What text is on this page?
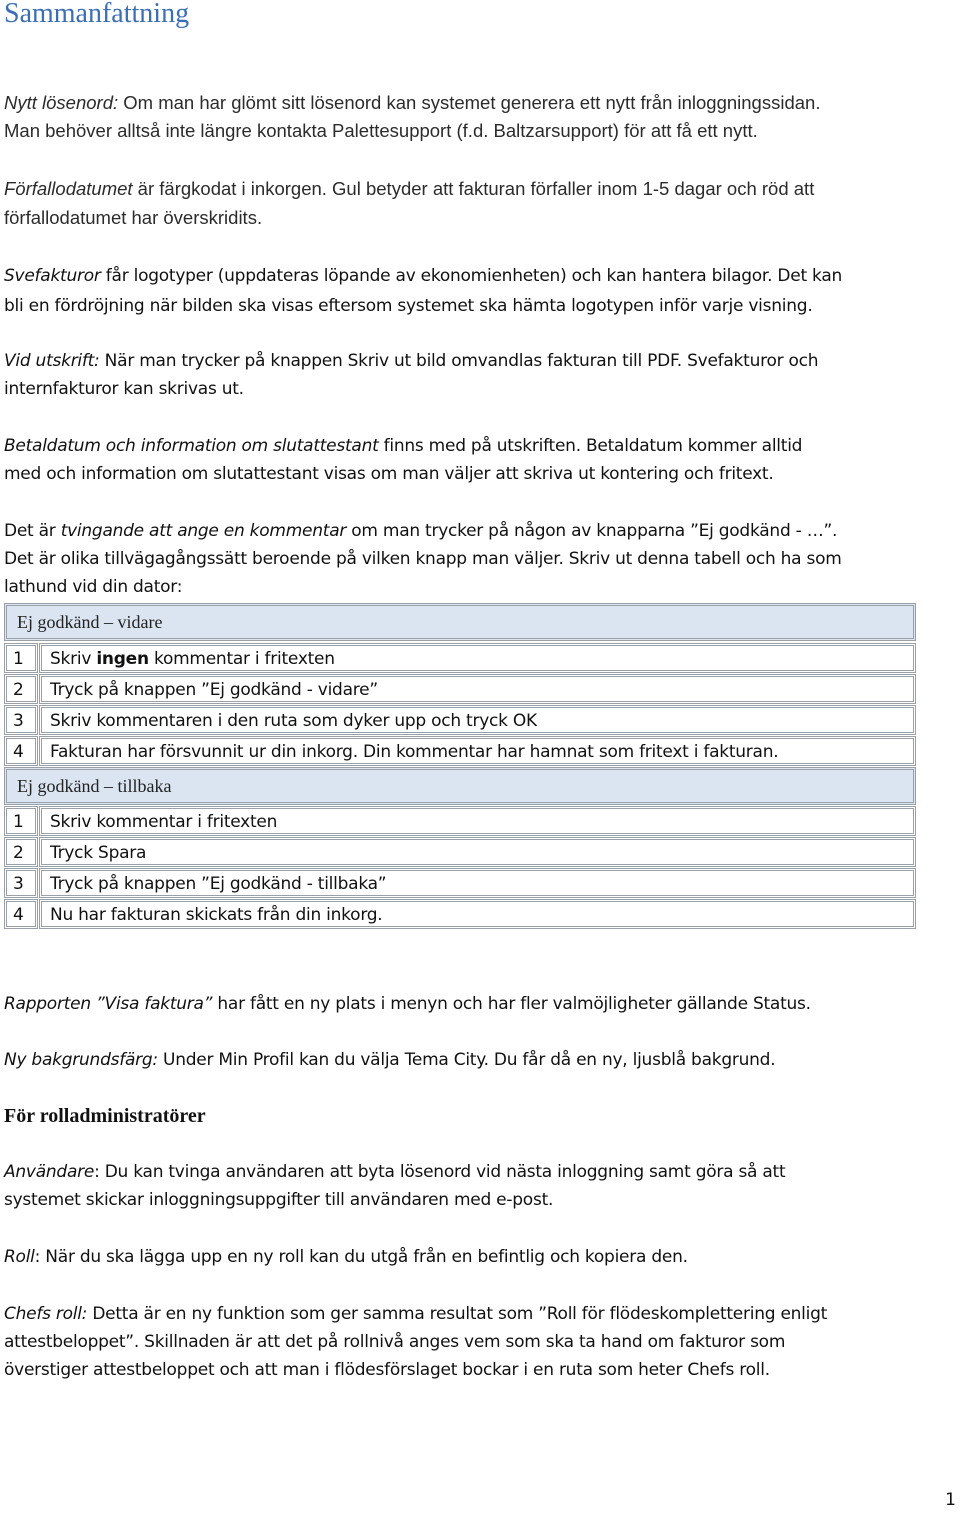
Sammanfattning
Nytt lösenord: Om man har glömt sitt lösenord kan systemet generera ett nytt från inloggningssidan.
Man behöver alltså inte längre kontakta Palettesupport (f.d. Baltzarsupport) för att få ett nytt.
Förfallodatumet är färgkodat i inkorgen. Gul betyder att fakturan förfaller inom 1-5 dagar och röd att
förfallodatumet har överskridits.
Svefakturor får logotyper (uppdateras löpande av ekonomienheten) och kan hantera bilagor. Det kan
bli en fördröjning när bilden ska visas eftersom systemet ska hämta logotypen inför varje visning.
Vid utskrift: När man trycker på knappen Skriv ut bild omvandlas fakturan till PDF. Svefakturor och
internfakturor kan skrivas ut.
Betaldatum och information om slutattestant finns med på utskriften. Betaldatum kommer alltid
med och information om slutattestant visas om man väljer att skriva ut kontering och fritext.
Det är tvingande att ange en kommentar om man trycker på någon av knapparna ”Ej godkänd - …”.
Det är olika tillvägagångssätt beroende på vilken knapp man väljer. Skriv ut denna tabell och ha som
lathund vid din dator:
Ej godkänd – vidare
1 Skriv ingen kommentar i fritexten
2 Tryck på knappen ”Ej godkänd - vidare”
3 Skriv kommentaren i den ruta som dyker upp och tryck OK
4 Fakturan har försvunnit ur din inkorg. Din kommentar har hamnat som fritext i fakturan.
Ej godkänd – tillbaka
1 Skriv kommentar i fritexten
2 Tryck Spara
3 Tryck på knappen ”Ej godkänd - tillbaka”
4 Nu har fakturan skickats från din inkorg.
Rapporten ”Visa faktura” har fått en ny plats i menyn och har fler valmöjligheter gällande Status.
Ny bakgrundsfärg: Under Min Profil kan du välja Tema City. Du får då en ny, ljusblå bakgrund.
För rolladministratörer
Användare: Du kan tvinga användaren att byta lösenord vid nästa inloggning samt göra så att
systemet skickar inloggningsuppgifter till användaren med e-post.
Roll: När du ska lägga upp en ny roll kan du utgå från en befintlig och kopiera den.
Chefs roll: Detta är en ny funktion som ger samma resultat som ”Roll för flödeskomplettering enligt
attestbeloppet”. Skillnaden är att det på rollnivå anges vem som ska ta hand om fakturor som
överstiger attestbeloppet och att man i flödesförslaget bockar i en ruta som heter Chefs roll.
1
